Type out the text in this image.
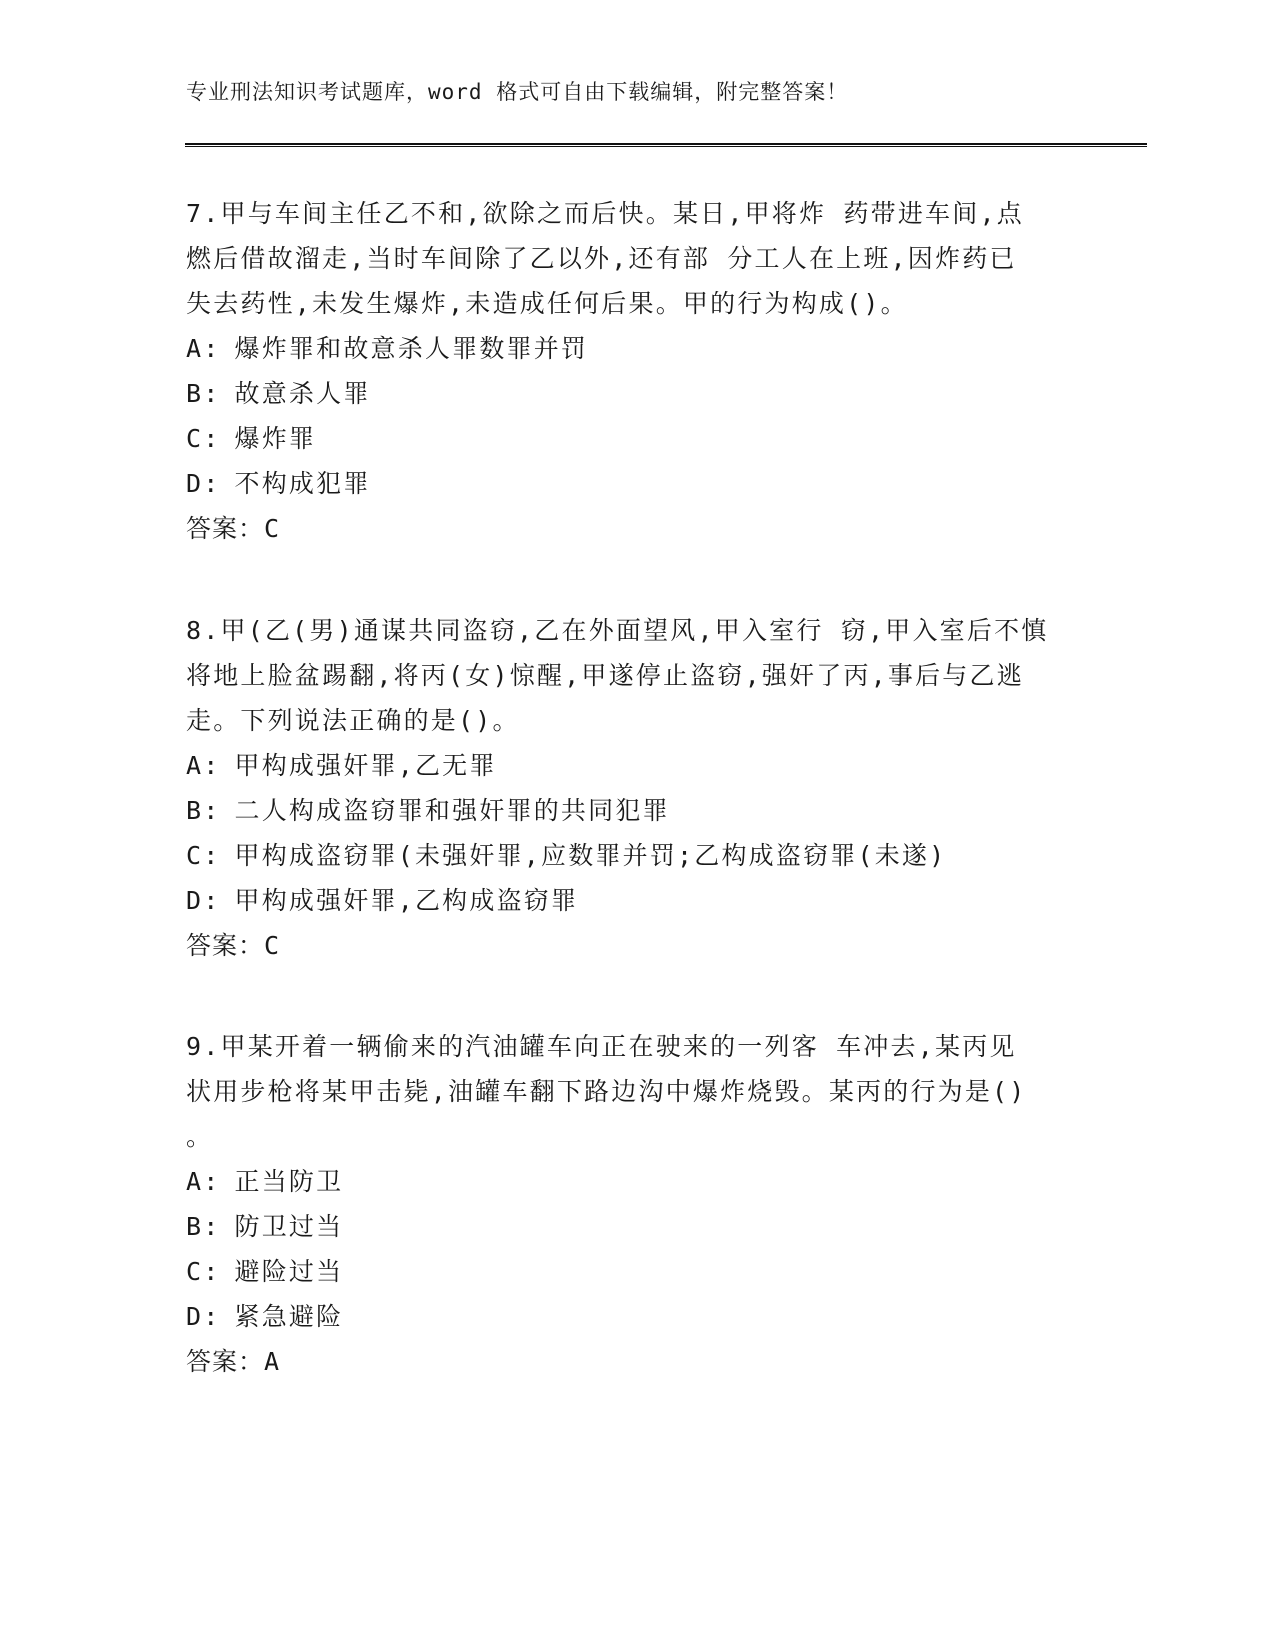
专业刑法知识考试题库，word 格式可自由下载编辑，附完整答案！
7.甲与车间主任乙不和,欲除之而后快。某日,甲将炸 药带进车间,点
燃后借故溜走,当时车间除了乙以外,还有部 分工人在上班,因炸药已
失去药性,未发生爆炸,未造成任何后果。甲的行为构成()。
A: 爆炸罪和故意杀人罪数罪并罚
B: 故意杀人罪
C: 爆炸罪
D: 不构成犯罪
答案：C
8.甲(乙(男)通谋共同盗窃,乙在外面望风,甲入室行 窃,甲入室后不慎
将地上脸盆踢翻,将丙(女)惊醒,甲遂停止盗窃,强奸了丙,事后与乙逃
走。下列说法正确的是()。
A: 甲构成强奸罪,乙无罪
B: 二人构成盗窃罪和强奸罪的共同犯罪
C: 甲构成盗窃罪(未强奸罪,应数罪并罚;乙构成盗窃罪(未遂)
D: 甲构成强奸罪,乙构成盗窃罪
答案：C
9.甲某开着一辆偷来的汽油罐车向正在驶来的一列客 车冲去,某丙见
状用步枪将某甲击毙,油罐车翻下路边沟中爆炸烧毁。某丙的行为是()
。
A: 正当防卫
B: 防卫过当
C: 避险过当
D: 紧急避险
答案：A
